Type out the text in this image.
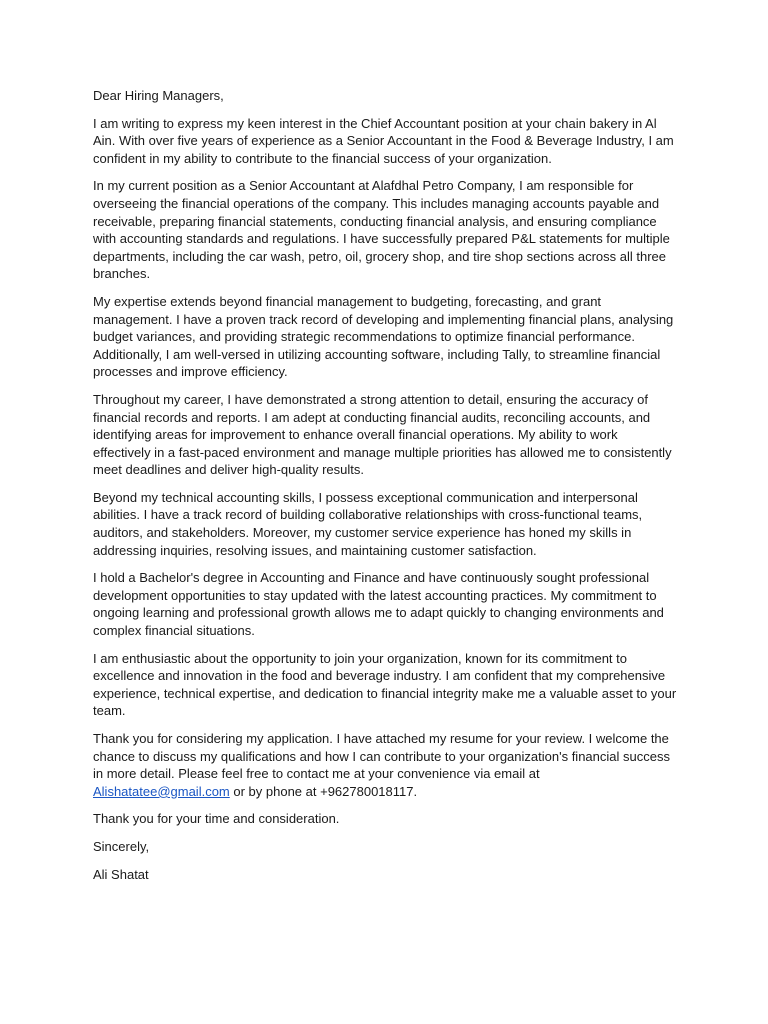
Dear Hiring Managers,

I am writing to express my keen interest in the Chief Accountant position at your chain bakery in Al Ain. With over five years of experience as a Senior Accountant in the Food & Beverage Industry, I am confident in my ability to contribute to the financial success of your organization.

In my current position as a Senior Accountant at Alafdhal Petro Company, I am responsible for overseeing the financial operations of the company. This includes managing accounts payable and receivable, preparing financial statements, conducting financial analysis, and ensuring compliance with accounting standards and regulations. I have successfully prepared P&L statements for multiple departments, including the car wash, petro, oil, grocery shop, and tire shop sections across all three branches.

My expertise extends beyond financial management to budgeting, forecasting, and grant management. I have a proven track record of developing and implementing financial plans, analysing budget variances, and providing strategic recommendations to optimize financial performance. Additionally, I am well-versed in utilizing accounting software, including Tally, to streamline financial processes and improve efficiency.

Throughout my career, I have demonstrated a strong attention to detail, ensuring the accuracy of financial records and reports. I am adept at conducting financial audits, reconciling accounts, and identifying areas for improvement to enhance overall financial operations. My ability to work effectively in a fast-paced environment and manage multiple priorities has allowed me to consistently meet deadlines and deliver high-quality results.

Beyond my technical accounting skills, I possess exceptional communication and interpersonal abilities. I have a track record of building collaborative relationships with cross-functional teams, auditors, and stakeholders. Moreover, my customer service experience has honed my skills in addressing inquiries, resolving issues, and maintaining customer satisfaction.

I hold a Bachelor's degree in Accounting and Finance and have continuously sought professional development opportunities to stay updated with the latest accounting practices. My commitment to ongoing learning and professional growth allows me to adapt quickly to changing environments and complex financial situations.

I am enthusiastic about the opportunity to join your organization, known for its commitment to excellence and innovation in the food and beverage industry. I am confident that my comprehensive experience, technical expertise, and dedication to financial integrity make me a valuable asset to your team.

Thank you for considering my application. I have attached my resume for your review. I welcome the chance to discuss my qualifications and how I can contribute to your organization's financial success in more detail. Please feel free to contact me at your convenience via email at Alishatatee@gmail.com or by phone at +962780018117.

Thank you for your time and consideration.

Sincerely,

Ali Shatat
